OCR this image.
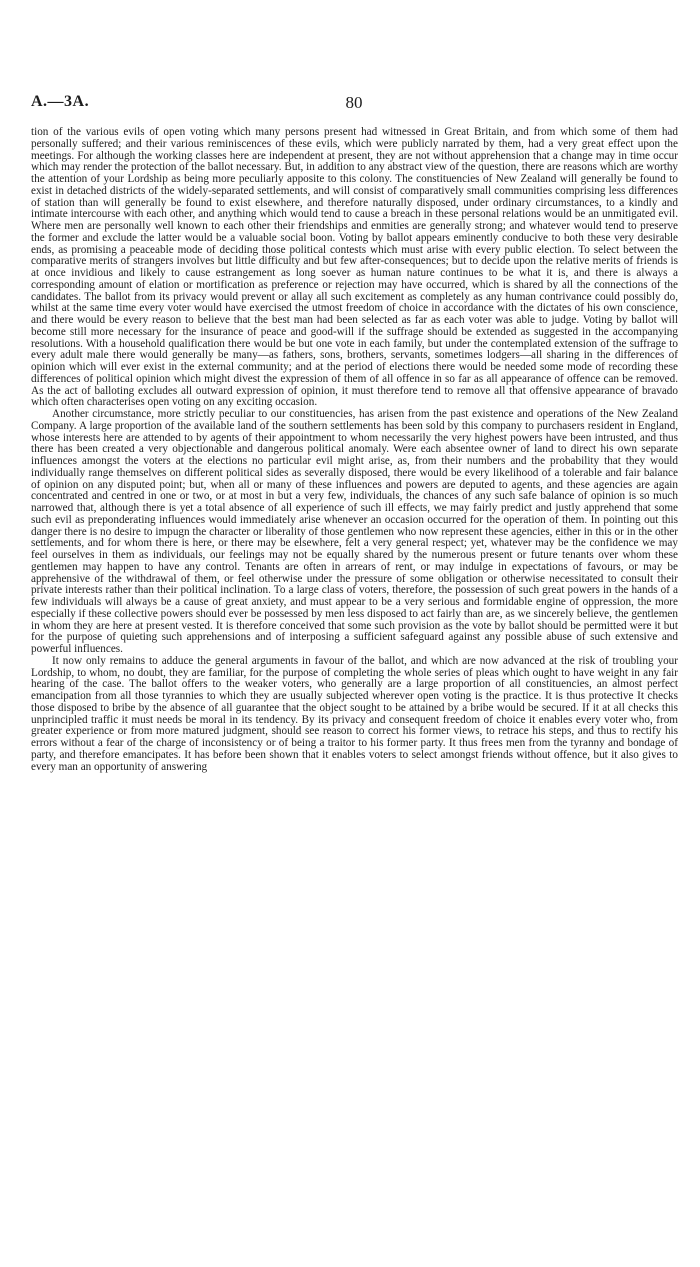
A.—3A.	80

tion of the various evils of open voting which many persons present had witnessed in Great Britain, and from which some of them had personally suffered; and their various reminiscences of these evils, which were publicly narrated by them, had a very great effect upon the meetings. For although the working classes here are independent at present, they are not without apprehension that a change may in time occur which may render the protection of the ballot necessary. But, in addition to any abstract view of the question, there are reasons which are worthy the attention of your Lordship as being more peculiarly apposite to this colony. The constituencies of New Zealand will generally be found to exist in detached districts of the widely-separated settlements, and will consist of comparatively small communities comprising less differences of station than will generally be found to exist elsewhere, and therefore naturally disposed, under ordinary circumstances, to a kindly and intimate intercourse with each other, and anything which would tend to cause a breach in these personal relations would be an unmitigated evil. Where men are personally well known to each other their friendships and enmities are generally strong; and whatever would tend to preserve the former and exclude the latter would be a valuable social boon. Voting by ballot appears eminently conducive to both these very desirable ends, as promising a peaceable mode of deciding those political contests which must arise with every public election. To select between the comparative merits of strangers involves but little difficulty and but few after-consequences; but to decide upon the relative merits of friends is at once invidious and likely to cause estrangement as long soever as human nature continues to be what it is, and there is always a corresponding amount of elation or mortification as preference or rejection may have occurred, which is shared by all the connections of the candidates. The ballot from its privacy would prevent or allay all such excitement as completely as any human contrivance could possibly do, whilst at the same time every voter would have exercised the utmost freedom of choice in accordance with the dictates of his own conscience, and there would be every reason to believe that the best man had been selected as far as each voter was able to judge. Voting by ballot will become still more necessary for the insurance of peace and good-will if the suffrage should be extended as suggested in the accompanying resolutions. With a household qualification there would be but one vote in each family, but under the contemplated extension of the suffrage to every adult male there would generally be many—as fathers, sons, brothers, servants, sometimes lodgers—all sharing in the differences of opinion which will ever exist in the external community; and at the period of elections there would be needed some mode of recording these differences of political opinion which might divest the expression of them of all offence in so far as all appearance of offence can be removed. As the act of balloting excludes all outward expression of opinion, it must therefore tend to remove all that offensive appearance of bravado which often characterises open voting on any exciting occasion.

Another circumstance, more strictly peculiar to our constituencies, has arisen from the past existence and operations of the New Zealand Company. A large proportion of the available land of the southern settlements has been sold by this company to purchasers resident in England, whose interests here are attended to by agents of their appointment to whom necessarily the very highest powers have been intrusted, and thus there has been created a very objectionable and dangerous political anomaly. Were each absentee owner of land to direct his own separate influences amongst the voters at the elections no particular evil might arise, as, from their numbers and the probability that they would individually range themselves on different political sides as severally disposed, there would be every likelihood of a tolerable and fair balance of opinion on any disputed point; but, when all or many of these influences and powers are deputed to agents, and these agencies are again concentrated and centred in one or two, or at most in but a very few, individuals, the chances of any such safe balance of opinion is so much narrowed that, although there is yet a total absence of all experience of such ill effects, we may fairly predict and justly apprehend that some such evil as preponderating influences would immediately arise whenever an occasion occurred for the operation of them. In pointing out this danger there is no desire to impugn the character or liberality of those gentlemen who now represent these agencies, either in this or in the other settlements, and for whom there is here, or there may be elsewhere, felt a very general respect; yet, whatever may be the confidence we may feel ourselves in them as individuals, our feelings may not be equally shared by the numerous present or future tenants over whom these gentlemen may happen to have any control. Tenants are often in arrears of rent, or may indulge in expectations of favours, or may be apprehensive of the withdrawal of them, or feel otherwise under the pressure of some obligation or otherwise necessitated to consult their private interests rather than their political inclination. To a large class of voters, therefore, the possession of such great powers in the hands of a few individuals will always be a cause of great anxiety, and must appear to be a very serious and formidable engine of oppression, the more especially if these collective powers should ever be possessed by men less disposed to act fairly than are, as we sincerely believe, the gentlemen in whom they are here at present vested. It is therefore conceived that some such provision as the vote by ballot should be permitted were it but for the purpose of quieting such apprehensions and of interposing a sufficient safeguard against any possible abuse of such extensive and powerful influences.

It now only remains to adduce the general arguments in favour of the ballot, and which are now advanced at the risk of troubling your Lordship, to whom, no doubt, they are familiar, for the purpose of completing the whole series of pleas which ought to have weight in any fair hearing of the case. The ballot offers to the weaker voters, who generally are a large proportion of all constituencies, an almost perfect emancipation from all those tyrannies to which they are usually subjected wherever open voting is the practice. It is thus protective It checks those disposed to bribe by the absence of all guarantee that the object sought to be attained by a bribe would be secured. If it at all checks this unprincipled traffic it must needs be moral in its tendency. By its privacy and consequent freedom of choice it enables every voter who, from greater experience or from more matured judgment, should see reason to correct his former views, to retrace his steps, and thus to rectify his errors without a fear of the charge of inconsistency or of being a traitor to his former party. It thus frees men from the tyranny and bondage of party, and therefore emancipates. It has before been shown that it enables voters to select amongst friends without offence, but it also gives to every man an opportunity of answering
